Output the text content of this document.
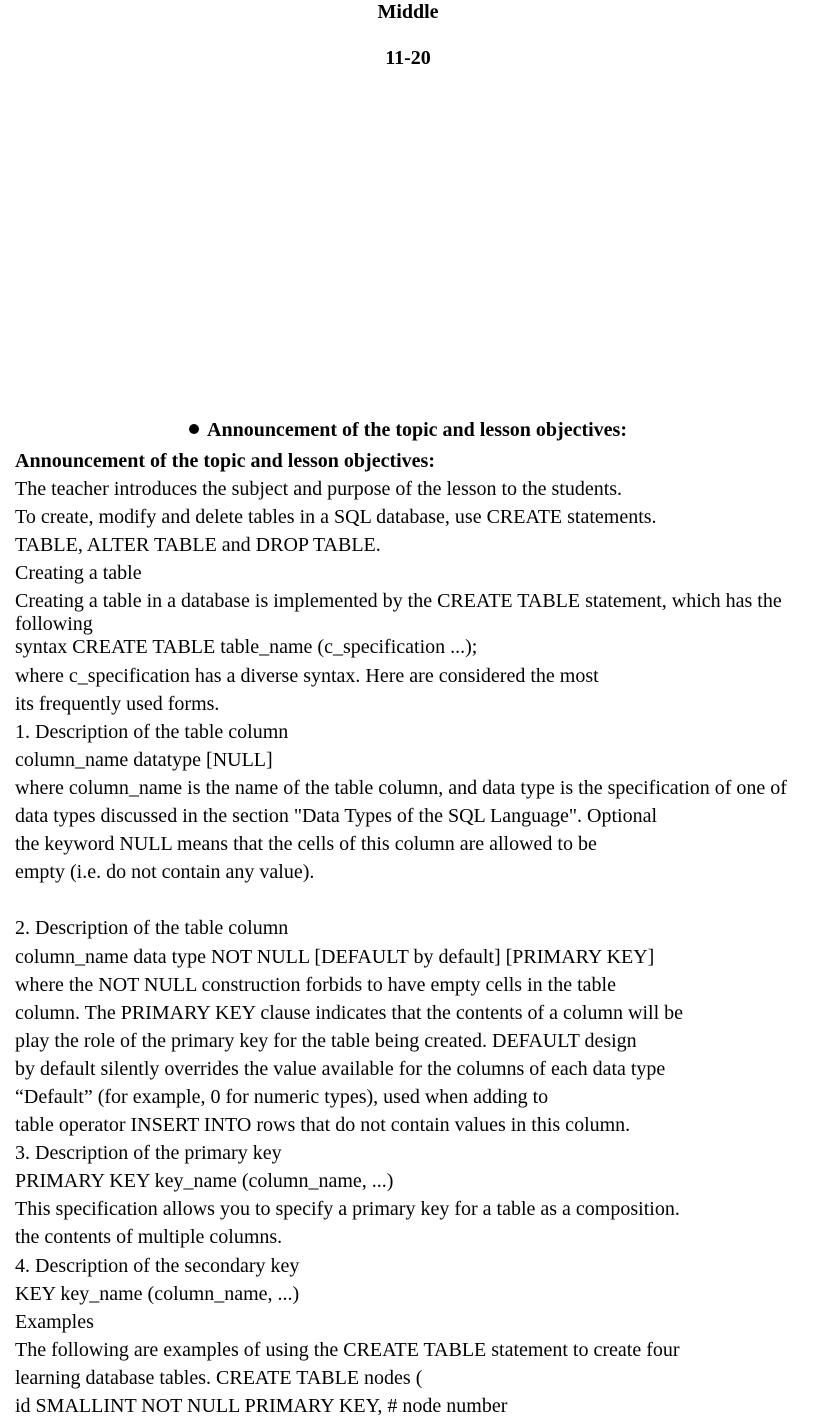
Middle
11-20
Announcement of the topic and lesson objectives:
Announcement of the topic and lesson objectives:
The teacher introduces the subject and purpose of the lesson to the students.
To create, modify and delete tables in a SQL database, use CREATE statements.
TABLE, ALTER TABLE and DROP TABLE.
Creating a table
Creating a table in a database is implemented by the CREATE TABLE statement, which has the following
syntax CREATE TABLE table_name (c_specification ...);
where c_specification has a diverse syntax. Here are considered the most
its frequently used forms.
1. Description of the table column
column_name datatype [NULL]
where column_name is the name of the table column, and data type is the specification of one of
data types discussed in the section "Data Types of the SQL Language". Optional
the keyword NULL means that the cells of this column are allowed to be
empty (i.e. do not contain any value).
2. Description of the table column
column_name data type NOT NULL [DEFAULT by default] [PRIMARY KEY]
where the NOT NULL construction forbids to have empty cells in the table
column. The PRIMARY KEY clause indicates that the contents of a column will be
play the role of the primary key for the table being created. DEFAULT design
by default silently overrides the value available for the columns of each data type
“Default” (for example, 0 for numeric types), used when adding to
table operator INSERT INTO rows that do not contain values in this column.
3. Description of the primary key
PRIMARY KEY key_name (column_name, ...)
This specification allows you to specify a primary key for a table as a composition.
the contents of multiple columns.
4. Description of the secondary key
KEY key_name (column_name, ...)
Examples
The following are examples of using the CREATE TABLE statement to create four
learning database tables. CREATE TABLE nodes (
id SMALLINT NOT NULL PRIMARY KEY, # node number
